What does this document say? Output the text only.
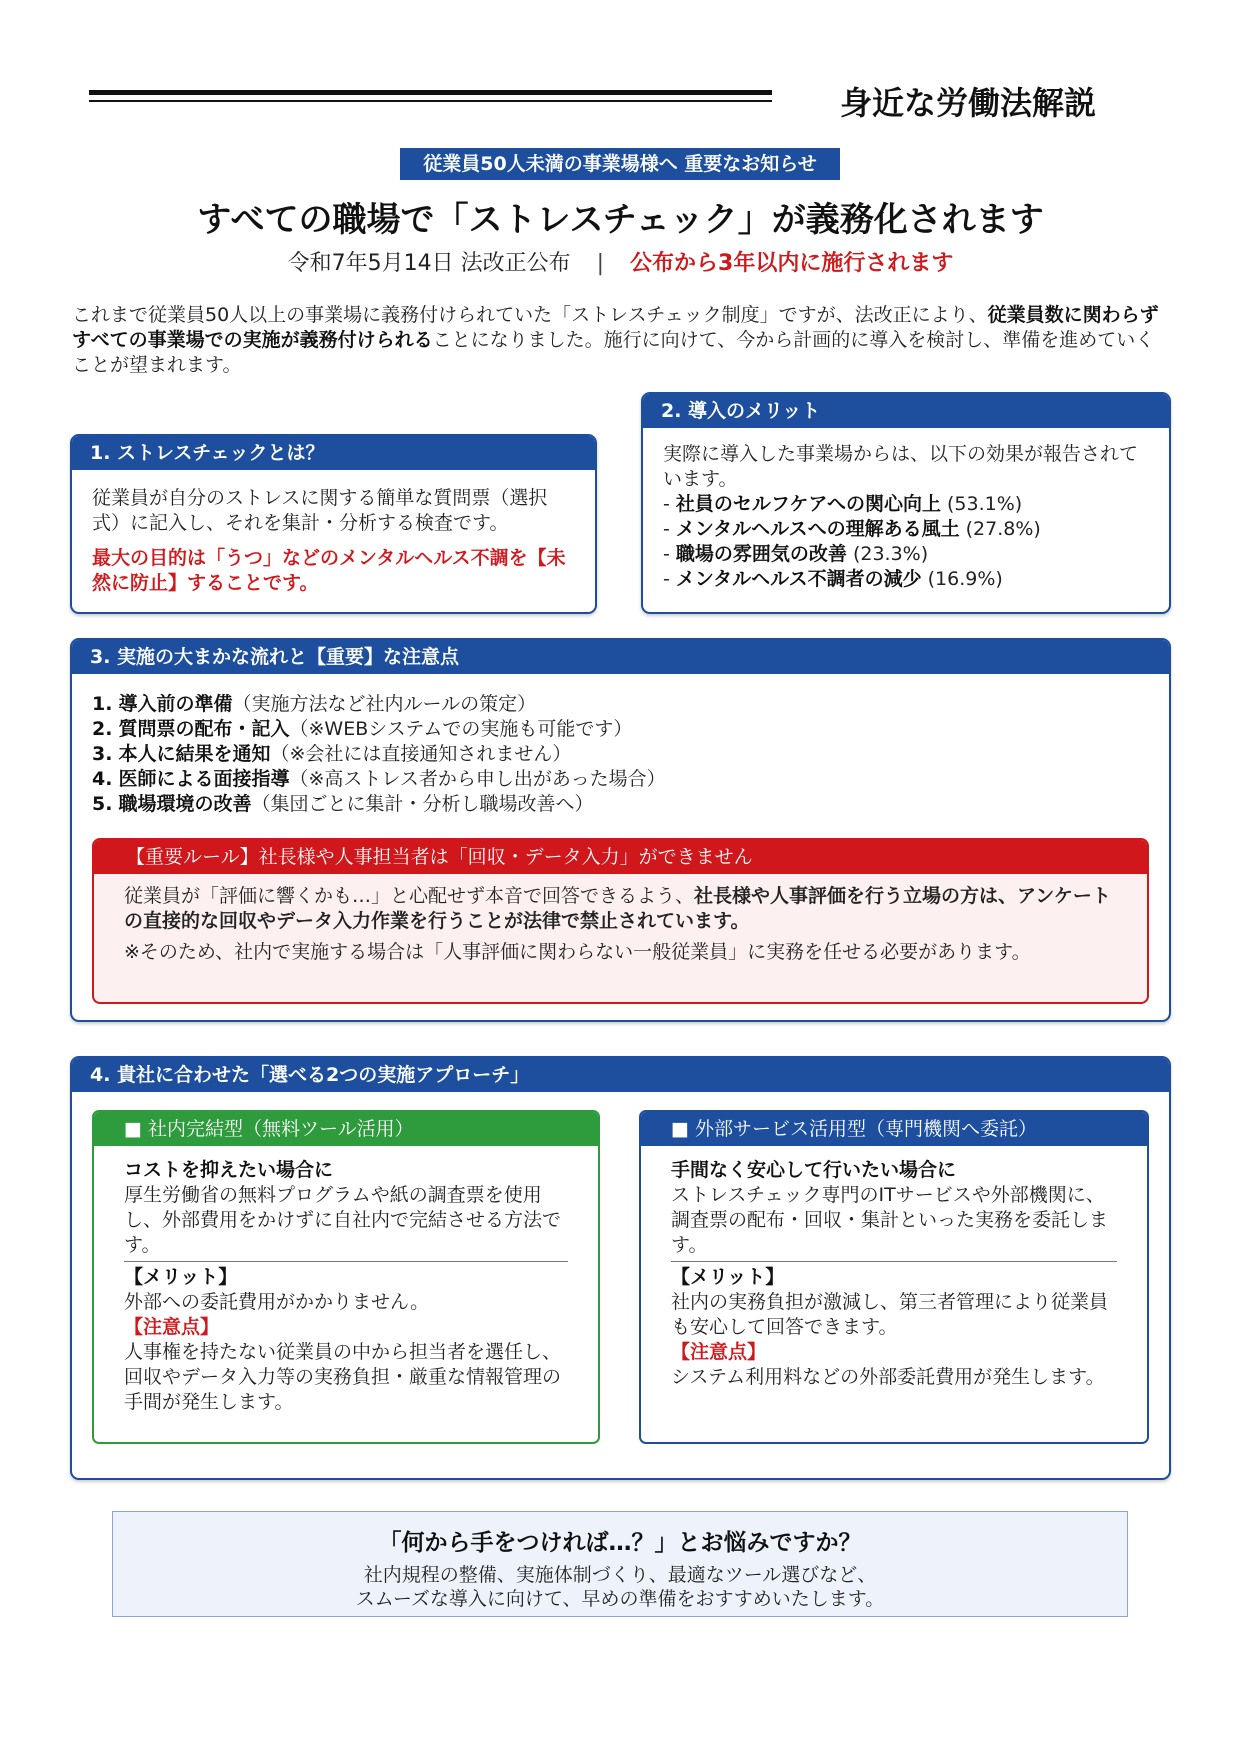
身近な労働法解説
従業員50人未満の事業場様へ 重要なお知らせ
すべての職場で「ストレスチェック」が義務化されます
令和7年5月14日 法改正公布 | 公布から3年以内に施行されます
これまで従業員50人以上の事業場に義務付けられていた「ストレスチェック制度」ですが、法改正により、従業員数に関わらずすべての事業場での実施が義務付けられることになりました。施行に向けて、今から計画的に導入を検討し、準備を進めていくことが望まれます。
1. ストレスチェックとは？
従業員が自分のストレスに関する簡単な質問票（選択式）に記入し、それを集計・分析する検査です。
最大の目的は「うつ」などのメンタルヘルス不調を【未然に防止】することです。
2. 導入のメリット
実際に導入した事業場からは、以下の効果が報告されています。
- 社員のセルフケアへの関心向上 (53.1%)
- メンタルヘルスへの理解ある風土 (27.8%)
- 職場の雰囲気の改善 (23.3%)
- メンタルヘルス不調者の減少 (16.9%)
3. 実施の大まかな流れと【重要】な注意点
1. 導入前の準備（実施方法など社内ルールの策定）
2. 質問票の配布・記入（※WEBシステムでの実施も可能です）
3. 本人に結果を通知（※会社には直接通知されません）
4. 医師による面接指導（※高ストレス者から申し出があった場合）
5. 職場環境の改善（集団ごとに集計・分析し職場改善へ）
【重要ルール】社長様や人事担当者は「回収・データ入力」ができません
従業員が「評価に響くかも…」と心配せず本音で回答できるよう、社長様や人事評価を行う立場の方は、アンケートの直接的な回収やデータ入力作業を行うことが法律で禁止されています。
※そのため、社内で実施する場合は「人事評価に関わらない一般従業員」に実務を任せる必要があります。
4. 貴社に合わせた「選べる2つの実施アプローチ」
■ 社内完結型（無料ツール活用）
コストを抑えたい場合に
厚生労働省の無料プログラムや紙の調査票を使用し、外部費用をかけずに自社内で完結させる方法です。
【メリット】
外部への委託費用がかかりません。
【注意点】
人事権を持たない従業員の中から担当者を選任し、回収やデータ入力等の実務負担・厳重な情報管理の手間が発生します。
■ 外部サービス活用型（専門機関へ委託）
手間なく安心して行いたい場合に
ストレスチェック専門のITサービスや外部機関に、調査票の配布・回収・集計といった実務を委託します。
【メリット】
社内の実務負担が激減し、第三者管理により従業員も安心して回答できます。
【注意点】
システム利用料などの外部委託費用が発生します。
「何から手をつければ…？」とお悩みですか？
社内規程の整備、実施体制づくり、最適なツール選びなど、
スムーズな導入に向けて、早めの準備をおすすめいたします。
